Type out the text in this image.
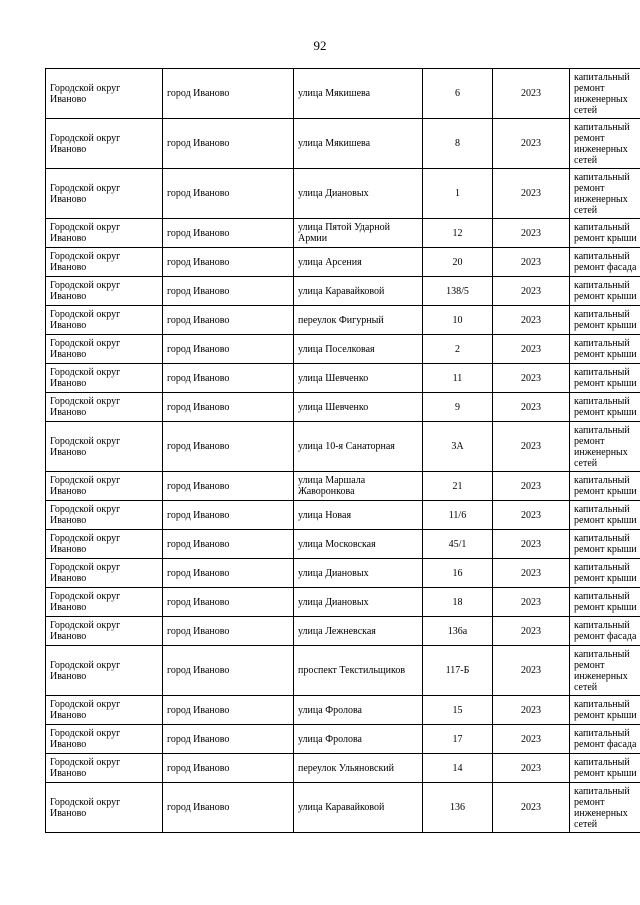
92
Городской округ Иваново	город Иваново	улица Мякишева	6	2023	капитальный ремонт инженерных сетей
Городской округ Иваново	город Иваново	улица Мякишева	8	2023	капитальный ремонт инженерных сетей
Городской округ Иваново	город Иваново	улица Диановых	1	2023	капитальный ремонт инженерных сетей
Городской округ Иваново	город Иваново	улица Пятой Ударной Армии	12	2023	капитальный ремонт крыши
Городской округ Иваново	город Иваново	улица Арсения	20	2023	капитальный ремонт фасада
Городской округ Иваново	город Иваново	улица Каравайковой	138/5	2023	капитальный ремонт крыши
Городской округ Иваново	город Иваново	переулок Фигурный	10	2023	капитальный ремонт крыши
Городской округ Иваново	город Иваново	улица Поселковая	2	2023	капитальный ремонт крыши
Городской округ Иваново	город Иваново	улица Шевченко	11	2023	капитальный ремонт крыши
Городской округ Иваново	город Иваново	улица Шевченко	9	2023	капитальный ремонт крыши
Городской округ Иваново	город Иваново	улица 10-я Санаторная	3А	2023	капитальный ремонт инженерных сетей
Городской округ Иваново	город Иваново	улица Маршала Жаворонкова	21	2023	капитальный ремонт крыши
Городской округ Иваново	город Иваново	улица Новая	11/6	2023	капитальный ремонт крыши
Городской округ Иваново	город Иваново	улица Московская	45/1	2023	капитальный ремонт крыши
Городской округ Иваново	город Иваново	улица Диановых	16	2023	капитальный ремонт крыши
Городской округ Иваново	город Иваново	улица Диановых	18	2023	капитальный ремонт крыши
Городской округ Иваново	город Иваново	улица Лежневская	136а	2023	капитальный ремонт фасада
Городской округ Иваново	город Иваново	проспект Текстильщиков	117-Б	2023	капитальный ремонт инженерных сетей
Городской округ Иваново	город Иваново	улица Фролова	15	2023	капитальный ремонт крыши
Городской округ Иваново	город Иваново	улица Фролова	17	2023	капитальный ремонт фасада
Городской округ Иваново	город Иваново	переулок Ульяновский	14	2023	капитальный ремонт крыши
Городской округ Иваново	город Иваново	улица Каравайковой	136	2023	капитальный ремонт инженерных сетей
